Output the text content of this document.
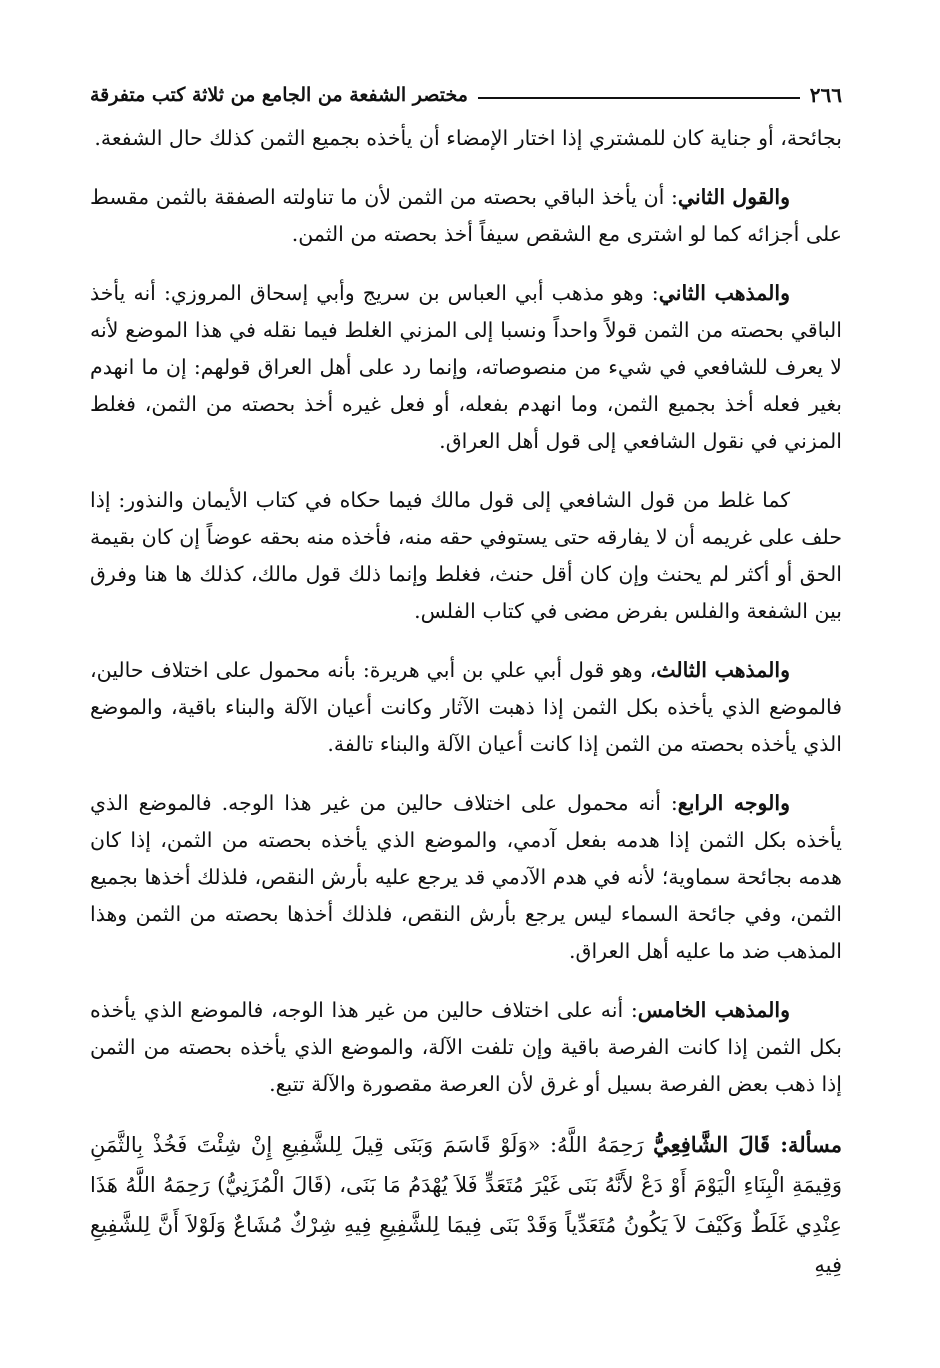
٢٦٦
مختصر الشفعة من الجامع من ثلاثة كتب متفرقة

بجائحة، أو جناية كان للمشتري إذا اختار الإمضاء أن يأخذه بجميع الثمن كذلك حال الشفعة.

والقول الثاني: أن يأخذ الباقي بحصته من الثمن لأن ما تناولته الصفقة بالثمن مقسط على أجزائه كما لو اشترى مع الشقص سيفاً أخذ بحصته من الثمن.

والمذهب الثاني: وهو مذهب أبي العباس بن سريج وأبي إسحاق المروزي: أنه يأخذ الباقي بحصته من الثمن قولاً واحداً ونسبا إلى المزني الغلط فيما نقله في هذا الموضع لأنه لا يعرف للشافعي في شيء من منصوصاته، وإنما رد على أهل العراق قولهم: إن ما انهدم بغير فعله أخذ بجميع الثمن، وما انهدم بفعله، أو فعل غيره أخذ بحصته من الثمن، فغلط المزني في نقول الشافعي إلى قول أهل العراق.

كما غلط من قول الشافعي إلى قول مالك فيما حكاه في كتاب الأيمان والنذور: إذا حلف على غريمه أن لا يفارقه حتى يستوفي حقه منه، فأخذه منه بحقه عوضاً إن كان بقيمة الحق أو أكثر لم يحنث وإن كان أقل حنث، فغلط وإنما ذلك قول مالك، كذلك ها هنا وفرق بين الشفعة والفلس بفرض مضى في كتاب الفلس.

والمذهب الثالث، وهو قول أبي علي بن أبي هريرة: بأنه محمول على اختلاف حالين، فالموضع الذي يأخذه بكل الثمن إذا ذهبت الآثار وكانت أعيان الآلة والبناء باقية، والموضع الذي يأخذه بحصته من الثمن إذا كانت أعيان الآلة والبناء تالفة.

والوجه الرابع: أنه محمول على اختلاف حالين من غير هذا الوجه. فالموضع الذي يأخذه بكل الثمن إذا هدمه بفعل آدمي، والموضع الذي يأخذه بحصته من الثمن، إذا كان هدمه بجائحة سماوية؛ لأنه في هدم الآدمي قد يرجع عليه بأرش النقص، فلذلك أخذها بجميع الثمن، وفي جائحة السماء ليس يرجع بأرش النقص، فلذلك أخذها بحصته من الثمن وهذا المذهب ضد ما عليه أهل العراق.

والمذهب الخامس: أنه على اختلاف حالين من غير هذا الوجه، فالموضع الذي يأخذه بكل الثمن إذا كانت الفرصة باقية وإن تلفت الآلة، والموضع الذي يأخذه بحصته من الثمن إذا ذهب بعض الفرصة بسيل أو غرق لأن العرصة مقصورة والآلة تتبع.

مسألة: قَالَ الشَّافِعِيُّ رَحِمَهُ اللَّهُ: «وَلَوْ قَاسَمَ وَبَنَى قِيلَ لِلشَّفِيعِ إِنْ شِئْتَ فَخُذْ بِالثَّمَنِ وَقِيمَةِ الْبِنَاءِ الْيَوْمَ أَوْ دَعْ لأَنَّهُ بَنَى غَيْرَ مُتَعَدٍّ فَلاَ يُهْدَمُ مَا بَنَى، (قَالَ الْمُزَنِيُّ) رَحِمَهُ اللَّهُ هَذَا عِنْدِي غَلَطٌ وَكَيْفَ لاَ يَكُونُ مُتَعَدِّياً وَقَدْ بَنَى فِيمَا لِلشَّفِيعِ فِيهِ شِرْكٌ مُشَاعٌ وَلَوْلاَ أَنَّ لِلشَّفِيعِ فِيهِ
